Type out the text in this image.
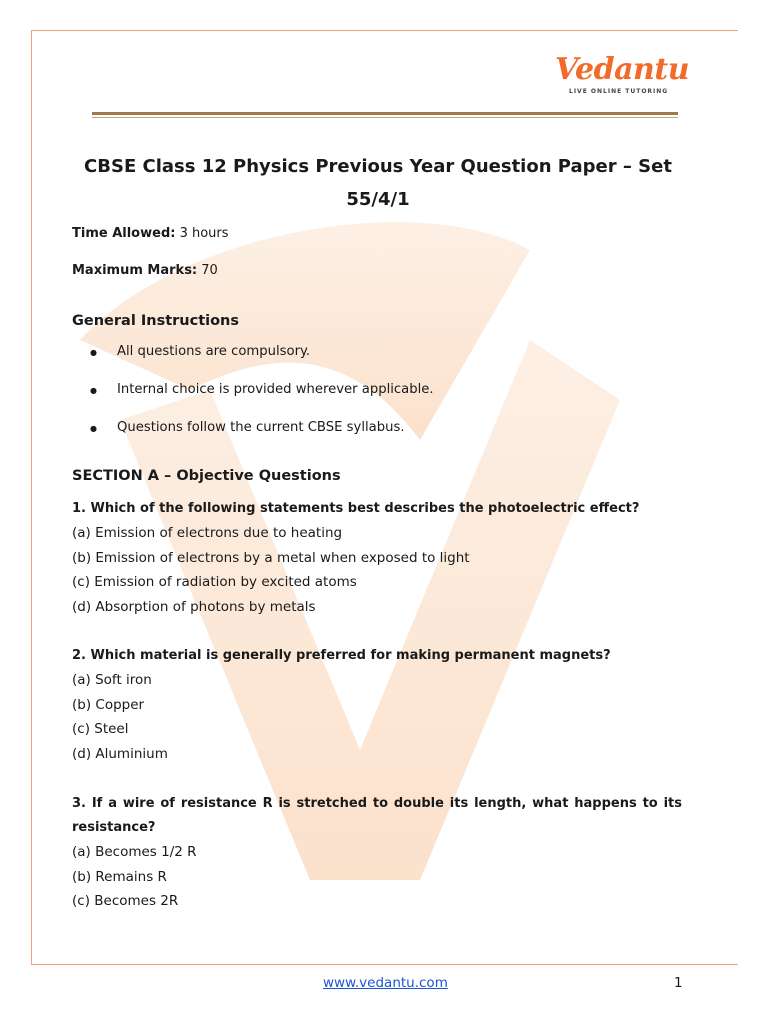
Vedantu
LIVE ONLINE TUTORING
CBSE Class 12 Physics Previous Year Question Paper – Set 55/4/1
Time Allowed: 3 hours
Maximum Marks: 70
General Instructions
● All questions are compulsory.
● Internal choice is provided wherever applicable.
● Questions follow the current CBSE syllabus.
SECTION A – Objective Questions
1. Which of the following statements best describes the photoelectric effect?
(a) Emission of electrons due to heating
(b) Emission of electrons by a metal when exposed to light
(c) Emission of radiation by excited atoms
(d) Absorption of photons by metals
2. Which material is generally preferred for making permanent magnets?
(a) Soft iron
(b) Copper
(c) Steel
(d) Aluminium
3. If a wire of resistance R is stretched to double its length, what happens to its resistance?
(a) Becomes 1/2 R
(b) Remains R
(c) Becomes 2R
www.vedantu.com	1
